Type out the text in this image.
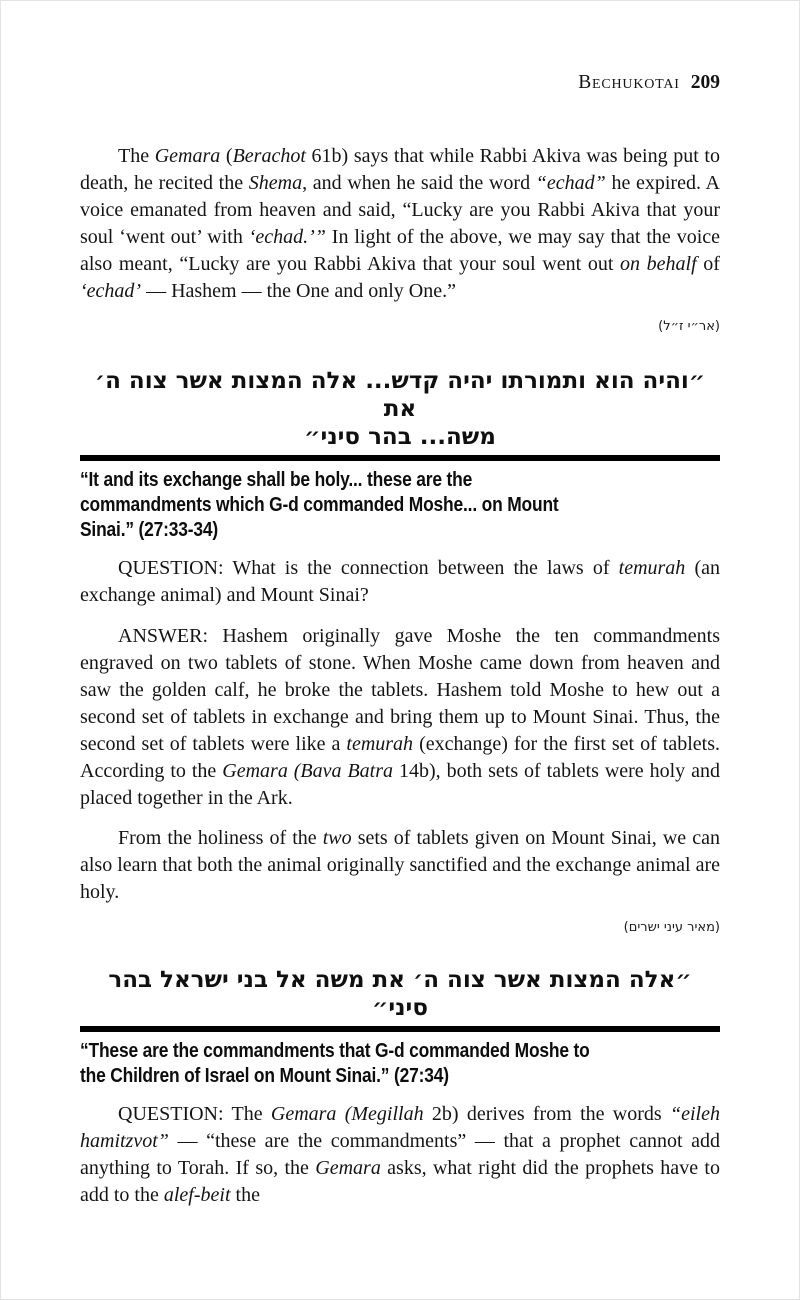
Bechukotai 209

The Gemara (Berachot 61b) says that while Rabbi Akiva was being put to death, he recited the Shema, and when he said the word “echad” he expired. A voice emanated from heaven and said, “Lucky are you Rabbi Akiva that your soul ‘went out’ with ‘echad.’” In light of the above, we may say that the voice also meant, “Lucky are you Rabbi Akiva that your soul went out on behalf of ‘echad’ — Hashem — the One and only One.”

(אר״י ז״ל)
״והיה הוא ותמורתו יהיה קדש... אלה המצות אשר צוה ה׳ את
משה... בהר סיני״
“It and its exchange shall be holy... these are the
commandments which G-d commanded Moshe... on Mount
Sinai.” (27:33-34)

QUESTION: What is the connection between the laws of temurah (an exchange animal) and Mount Sinai?

ANSWER: Hashem originally gave Moshe the ten commandments engraved on two tablets of stone. When Moshe came down from heaven and saw the golden calf, he broke the tablets. Hashem told Moshe to hew out a second set of tablets in exchange and bring them up to Mount Sinai. Thus, the second set of tablets were like a temurah (exchange) for the first set of tablets. According to the Gemara (Bava Batra 14b), both sets of tablets were holy and placed together in the Ark.

From the holiness of the two sets of tablets given on Mount Sinai, we can also learn that both the animal originally sanctified and the exchange animal are holy.

(מאיר עיני ישרים)
״אלה המצות אשר צוה ה׳ את משה אל בני ישראל בהר סיני״
“These are the commandments that G-d commanded Moshe to
the Children of Israel on Mount Sinai.” (27:34)

QUESTION: The Gemara (Megillah 2b) derives from the words “eileh hamitzvot” — “these are the commandments” — that a prophet cannot add anything to Torah. If so, the Gemara asks, what right did the prophets have to add to the alef-beit the
